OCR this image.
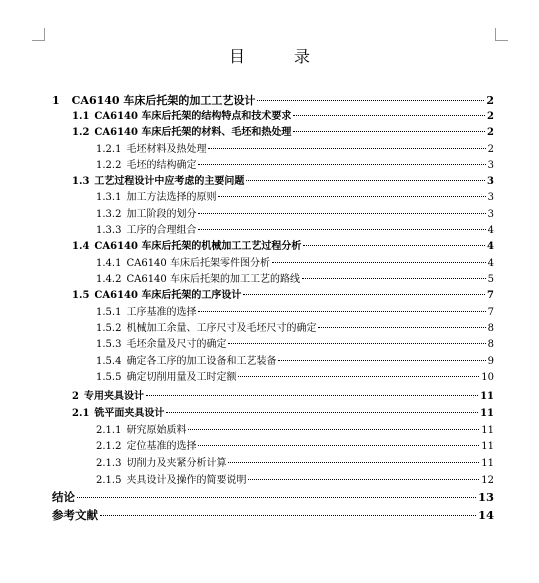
目 录
1 CA6140 车床后托架的加工工艺设计	2
1.1 CA6140 车床后托架的结构特点和技术要求	2
1.2 CA6140 车床后托架的材料、毛坯和热处理	2
1.2.1 毛坯材料及热处理	2
1.2.2 毛坯的结构确定	3
1.3 工艺过程设计中应考虑的主要问题	3
1.3.1 加工方法选择的原则	3
1.3.2 加工阶段的划分	3
1.3.3 工序的合理组合	4
1.4 CA6140 车床后托架的机械加工工艺过程分析	4
1.4.1 CA6140 车床后托架零件图分析	4
1.4.2 CA6140 车床后托架的加工工艺的路线	5
1.5 CA6140 车床后托架的工序设计	7
1.5.1 工序基准的选择	7
1.5.2 机械加工余量、工序尺寸及毛坯尺寸的确定	8
1.5.3 毛坯余量及尺寸的确定	8
1.5.4 确定各工序的加工设备和工艺装备	9
1.5.5 确定切削用量及工时定额	10
2 专用夹具设计	11
2.1 铣平面夹具设计	11
2.1.1 研究原始质料	11
2.1.2 定位基准的选择	11
2.1.3 切削力及夹紧分析计算	11
2.1.5 夹具设计及操作的简要说明	12
结论	13
参考文献	14
